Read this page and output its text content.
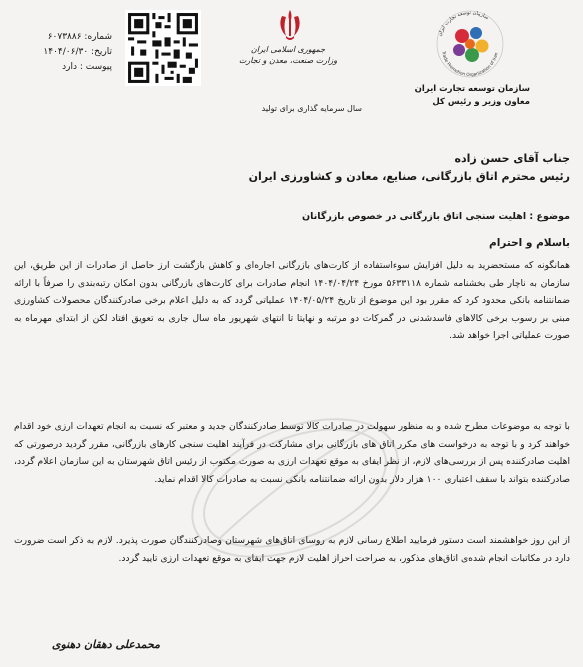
شماره: ۶۰۷۳۸۸۶
تاریخ: ۱۴۰۴/۰۶/۳۰
پیوست : دارد
جمهوری اسلامی ایران
وزارت صنعت، معدن و تجارت
سازمان توسعه تجارت ایران
Trade Promotion Organization of Iran
سازمان توسعه تجارت ایران
معاون وزیر و رئیس کل
سال سرمایه گذاری برای تولید
جناب آقای حسن زاده
رئیس محترم اتاق بازرگانی، صنایع، معادن و کشاورزی ایران
موضوع : اهلیت سنجی اتاق بازرگانی در خصوص بازرگانان
باسلام و احترام
همانگونه که مستحضرید به دلیل افزایش سوءاستفاده از کارت‌های بازرگانی اجاره‌ای و کاهش بازگشت ارز حاصل از صادرات از این طریق، این سازمان به ناچار طی بخشنامه شماره ۵۶۳۳۱۱۸ مورخ ۱۴۰۴/۰۴/۲۴ انجام صادرات برای کارت‌های بازرگانی بدون امکان رتبه‌بندی را صرفاً با ارائه ضمانتنامه بانکی محدود کرد که مقرر بود این موضوع از تاریخ ۱۴۰۴/۰۵/۲۴ عملیاتی گردد که به دلیل اعلام برخی صادرکنندگان محصولات کشاورزی مبنی بر رسوب برخی کالاهای فاسدشدنی در گمرکات دو مرتبه و نهایتا تا انتهای شهریور ماه سال جاری به تعویق افتاد لکن از ابتدای مهرماه به صورت عملیاتی اجرا خواهد شد.
با توجه به موضوعات مطرح شده و به منظور سهولت در صادرات کالا توسط صادرکنندگان جدید و معتبر که نسبت به انجام تعهدات ارزی خود اقدام خواهند کرد و با توجه به درخواست های مکرر اتاق های بازرگانی برای مشارکت در فرآیند اهلیت سنجی کارهای بازرگانی، مقرر گردید درصورتی که اهلیت صادرکننده پس از بررسی‌های لازم، از نظر ایفای به موقع تعهدات ارزی به صورت مکتوب از رئیس اتاق شهرستان به این سازمان اعلام گردد، صادرکننده بتواند با سقف اعتباری ۱۰۰ هزار دلار بدون ارائه ضمانتنامه بانکی نسبت به صادرات کالا اقدام نماید.
از این روز خواهشمند است دستور فرمایید اطلاع رسانی لازم به روسای اتاق‌های شهرستان وصادرکنندگان صورت پذیرد. لازم به ذکر است ضرورت دارد در مکاتبات انجام شده‌ی اتاق‌های مذکور، به صراحت احراز اهلیت لازم جهت ایفای به موقع تعهدات ارزی تایید گردد.
محمدعلی دهقان دهنوی
